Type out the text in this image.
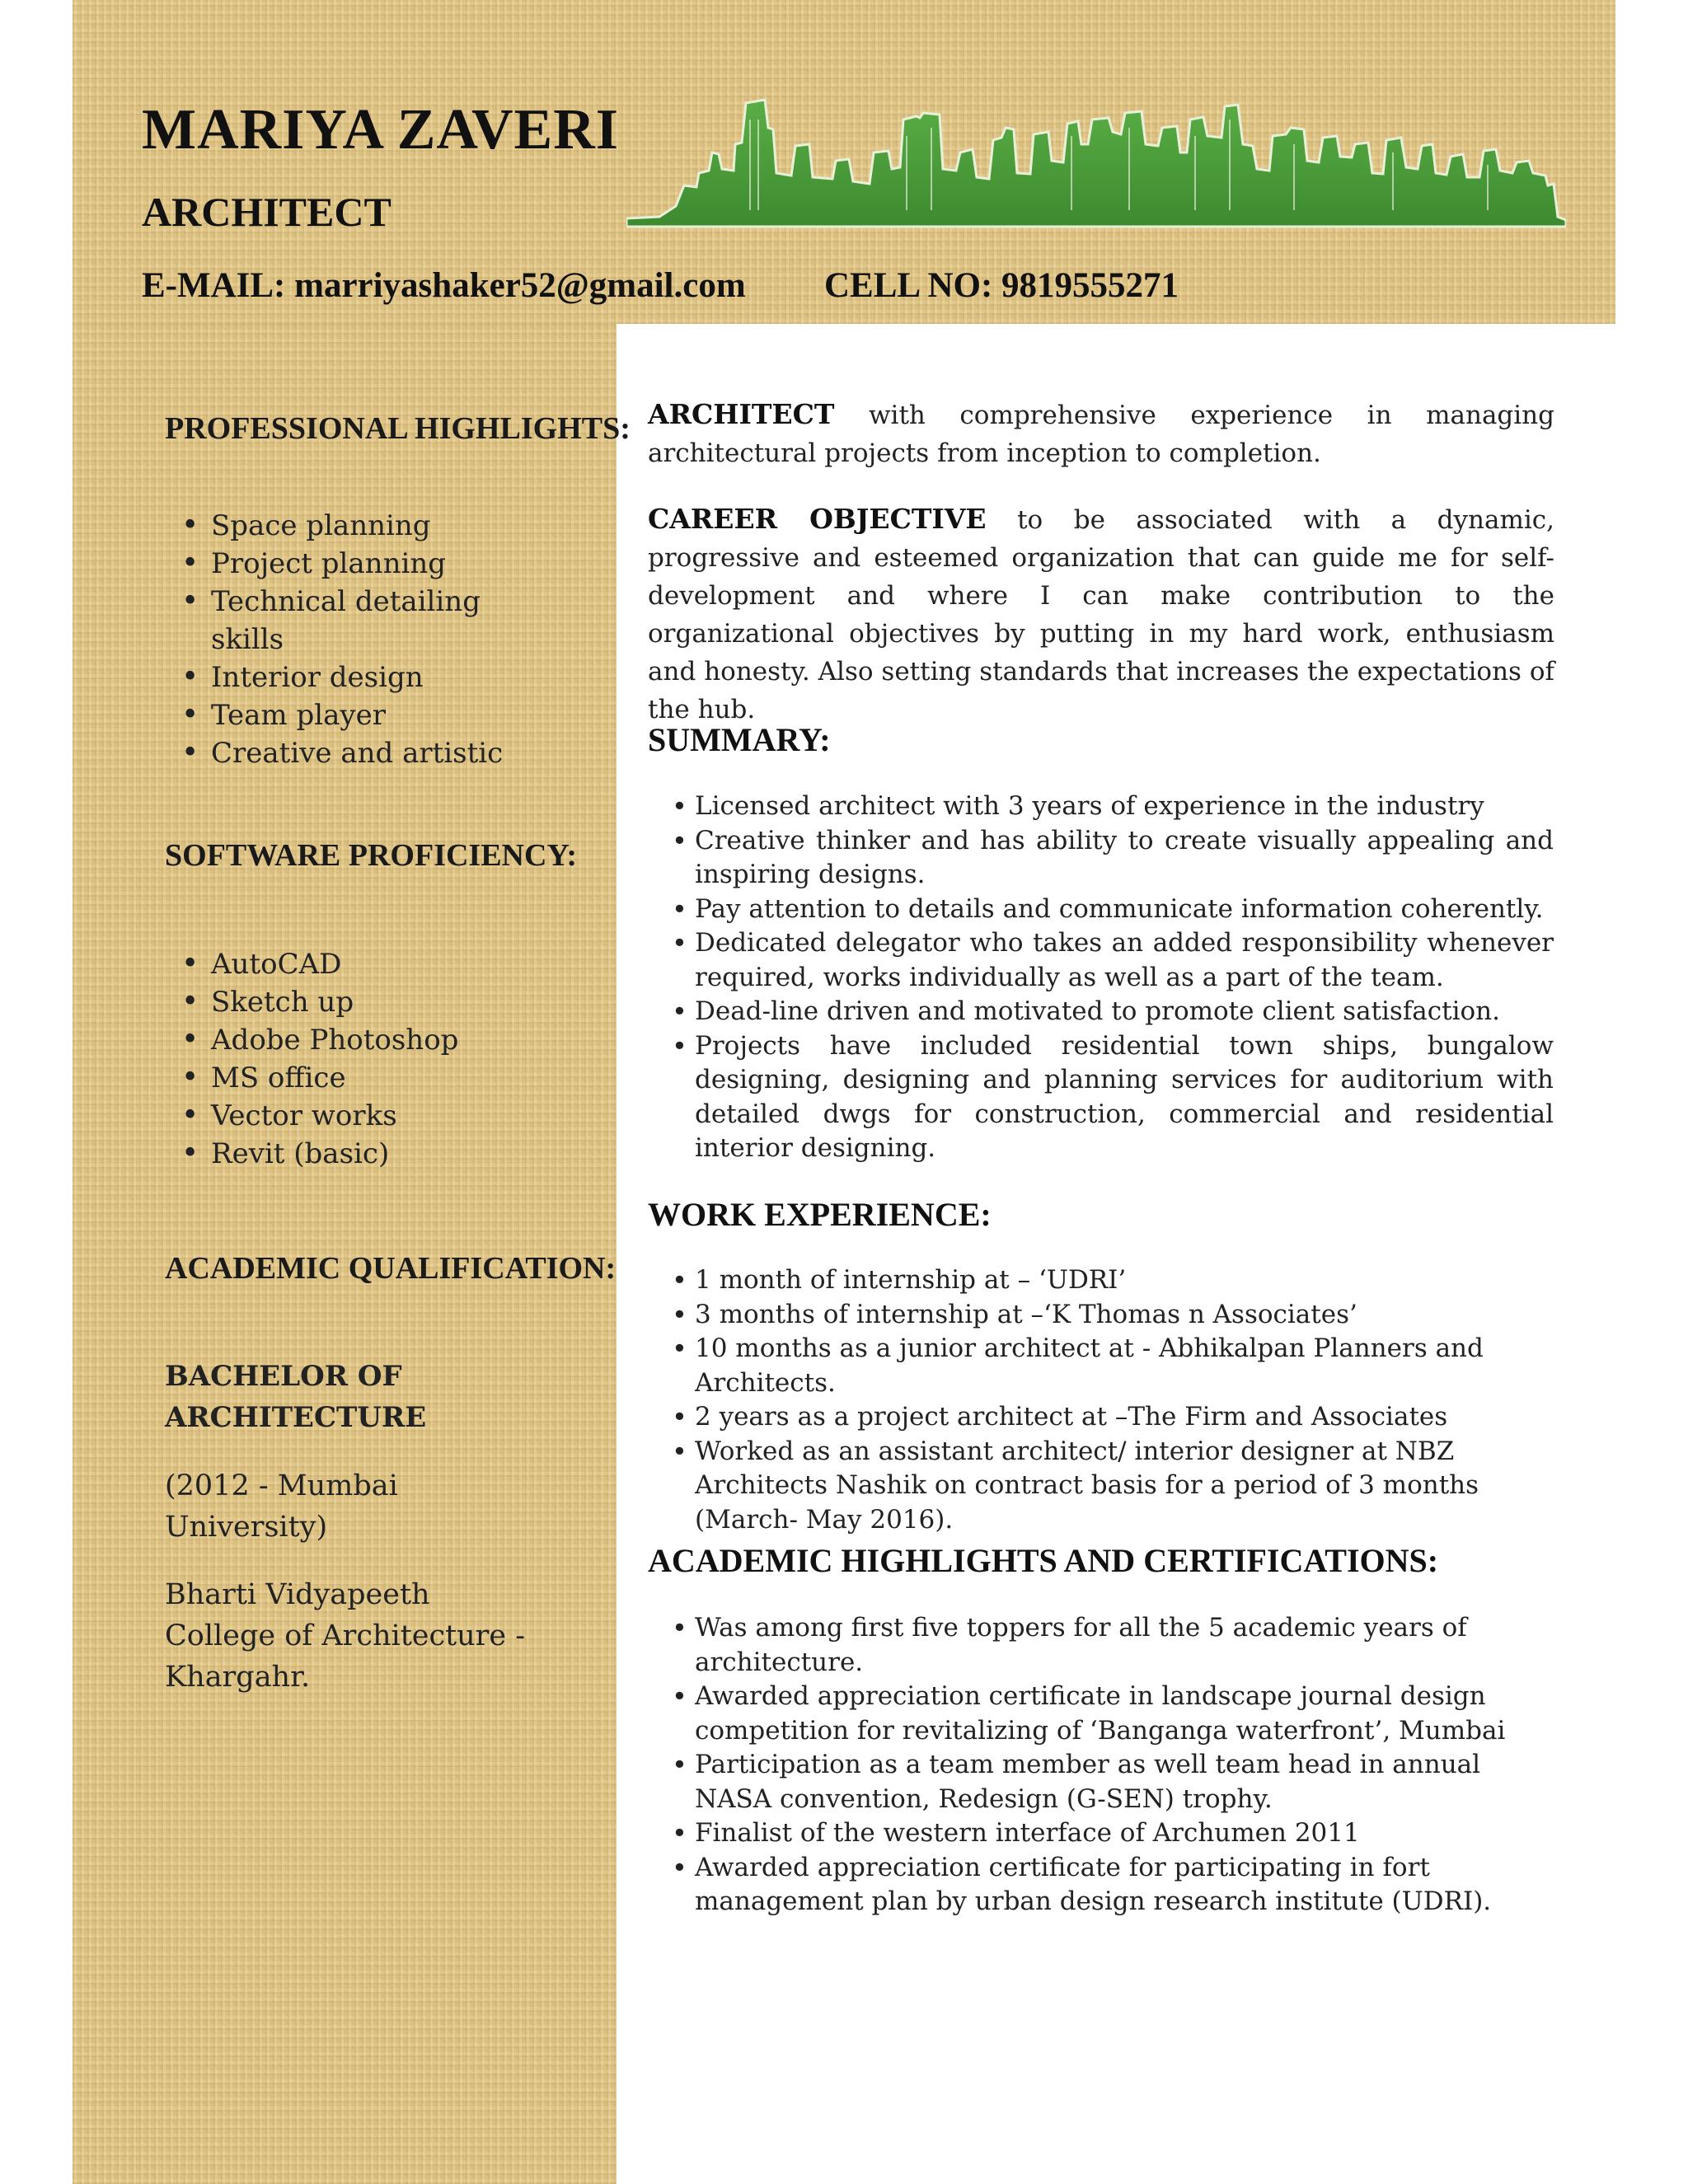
MARIYA ZAVERI
ARCHITECT
E-MAIL: marriyashaker52@gmail.com CELL NO: 9819555271
PROFESSIONAL HIGHLIGHTS:
• Space planning
• Project planning
• Technical detailing skills
• Interior design
• Team player
• Creative and artistic
SOFTWARE PROFICIENCY:
• AutoCAD
• Sketch up
• Adobe Photoshop
• MS office
• Vector works
• Revit (basic)
ACADEMIC QUALIFICATION:
BACHELOR OF ARCHITECTURE
(2012 - Mumbai University)
Bharti Vidyapeeth College of Architecture - Khargahr.

ARCHITECT with comprehensive experience in managing architectural projects from inception to completion.

CAREER OBJECTIVE to be associated with a dynamic, progressive and esteemed organization that can guide me for self-development and where I can make contribution to the organizational objectives by putting in my hard work, enthusiasm and honesty. Also setting standards that increases the expectations of the hub.

SUMMARY:
• Licensed architect with 3 years of experience in the industry
• Creative thinker and has ability to create visually appealing and inspiring designs.
• Pay attention to details and communicate information coherently.
• Dedicated delegator who takes an added responsibility whenever required, works individually as well as a part of the team.
• Dead-line driven and motivated to promote client satisfaction.
• Projects have included residential town ships, bungalow designing, designing and planning services for auditorium with detailed dwgs for construction, commercial and residential interior designing.
WORK EXPERIENCE:
• 1 month of internship at – ‘UDRI’
• 3 months of internship at –‘K Thomas n Associates’
• 10 months as a junior architect at - Abhikalpan Planners and Architects.
• 2 years as a project architect at –The Firm and Associates
• Worked as an assistant architect/ interior designer at NBZ Architects Nashik on contract basis for a period of 3 months (March- May 2016).
ACADEMIC HIGHLIGHTS AND CERTIFICATIONS:
• Was among first five toppers for all the 5 academic years of architecture.
• Awarded appreciation certificate in landscape journal design competition for revitalizing of ‘Banganga waterfront’, Mumbai
• Participation as a team member as well team head in annual NASA convention, Redesign (G-SEN) trophy.
• Finalist of the western interface of Archumen 2011
• Awarded appreciation certificate for participating in fort management plan by urban design research institute (UDRI).
